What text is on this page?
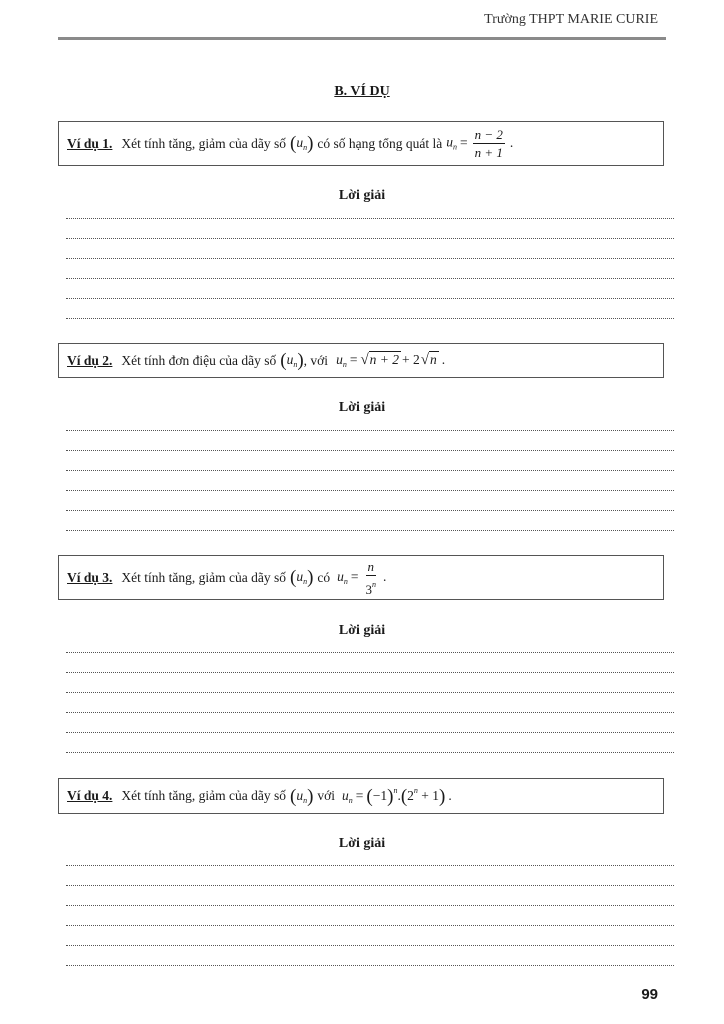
Trường THPT MARIE CURIE
B. VÍ DỤ
Ví dụ 1. Xét tính tăng, giảm của dãy số $(u_n)$ có số hạng tổng quát là $u_n = \frac{n - 2}{n + 1}$ .
Lời giải
Ví dụ 2. Xét tính đơn điệu của dãy số $(u_n)$ , với $u_n = √n + 2 + 2√n$ .
Lời giải
Ví dụ 3. Xét tính tăng, giảm của dãy số $(u_n)$ có $u_n = \frac{n}{3^n}$ .
Lời giải
Ví dụ 4. Xét tính tăng, giảm của dãy số $(u_n)$ với $u_n = (-1)^n.(2^n + 1)$ .
Lời giải
99
